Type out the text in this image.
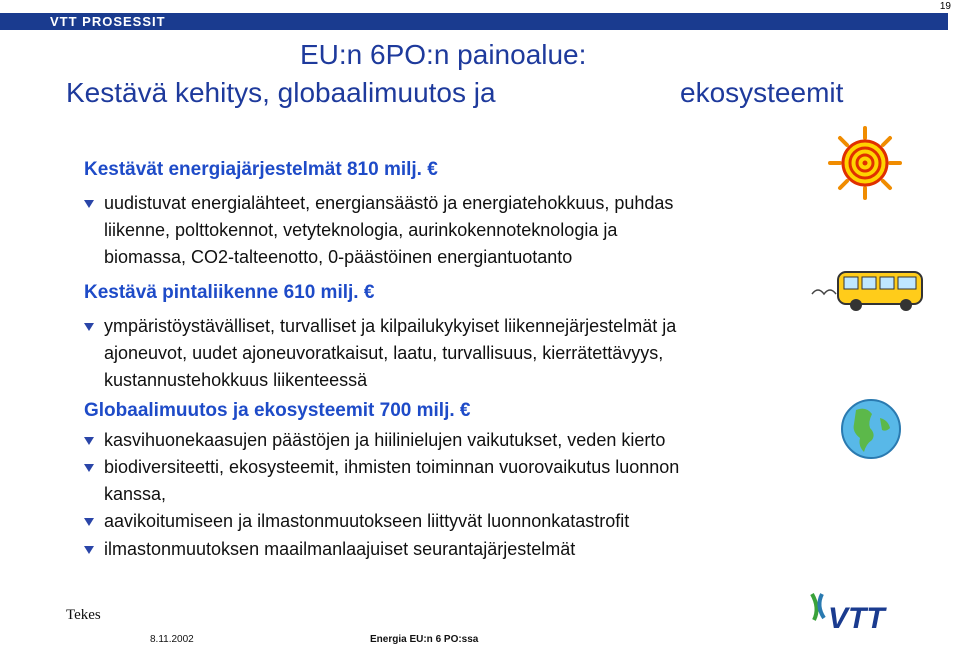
VTT PROSESSIT
19
EU:n 6PO:n painoalue:
Kestävä kehitys, globaalimuutos ja	ekosysteemit
Kestävät energiajärjestelmät 810 milj. €
uudistuvat energialähteet, energiansäästö ja energiatehokkuus, puhdas
liikenne, polttokennot, vetyteknologia, aurinkokennoteknologia ja
biomassa, CO2-talteenotto, 0-päästöinen energiantuotanto
Kestävä pintaliikenne 610 milj. €
ympäristöystävälliset, turvalliset ja kilpailukykyiset liikennejärjestelmät ja
ajoneuvot, uudet ajoneuvoratkaisut, laatu, turvallisuus, kierrätettävyys,
kustannustehokkuus liikenteessä
Globaalimuutos ja ekosysteemit 700 milj. €
kasvihuonekaasujen päästöjen ja hiilinielujen vaikutukset, veden kierto
biodiversiteetti, ekosysteemit, ihmisten toiminnan vuorovaikutus luonnon
kanssa,
aavikoitumiseen ja ilmastonmuutokseen liittyvät luonnonkatastrofit
ilmastonmuutoksen maailmanlaajuiset seurantajärjestelmät
Tekes
8.11.2002	Energia EU:n 6 PO:ssa
VTT
